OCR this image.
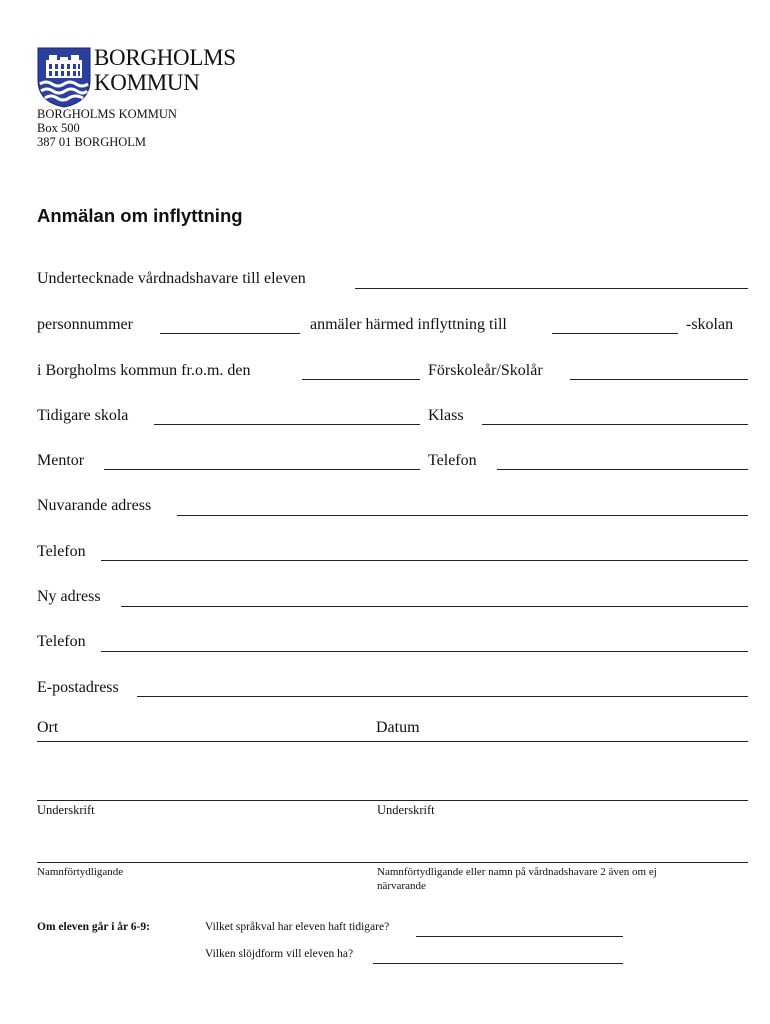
BORGHOLMS
KOMMUN
BORGHOLMS KOMMUN
Box 500
387 01 BORGHOLM
Anmälan om inflyttning
Undertecknade vårdnadshavare till eleven
personnummer	anmäler härmed inflyttning till	-skolan
i Borgholms kommun fr.o.m. den	Förskoleår/Skolår
Tidigare skola	Klass
Mentor	Telefon
Nuvarande adress
Telefon
Ny adress
Telefon
E-postadress
Ort	Datum
Underskrift	Underskrift
Namnförtydligande	Namnförtydligande eller namn på vårdnadshavare 2 även om ej
närvarande
Om eleven går i år 6-9:	Vilket språkval har eleven haft tidigare?
Vilken slöjdform vill eleven ha?
